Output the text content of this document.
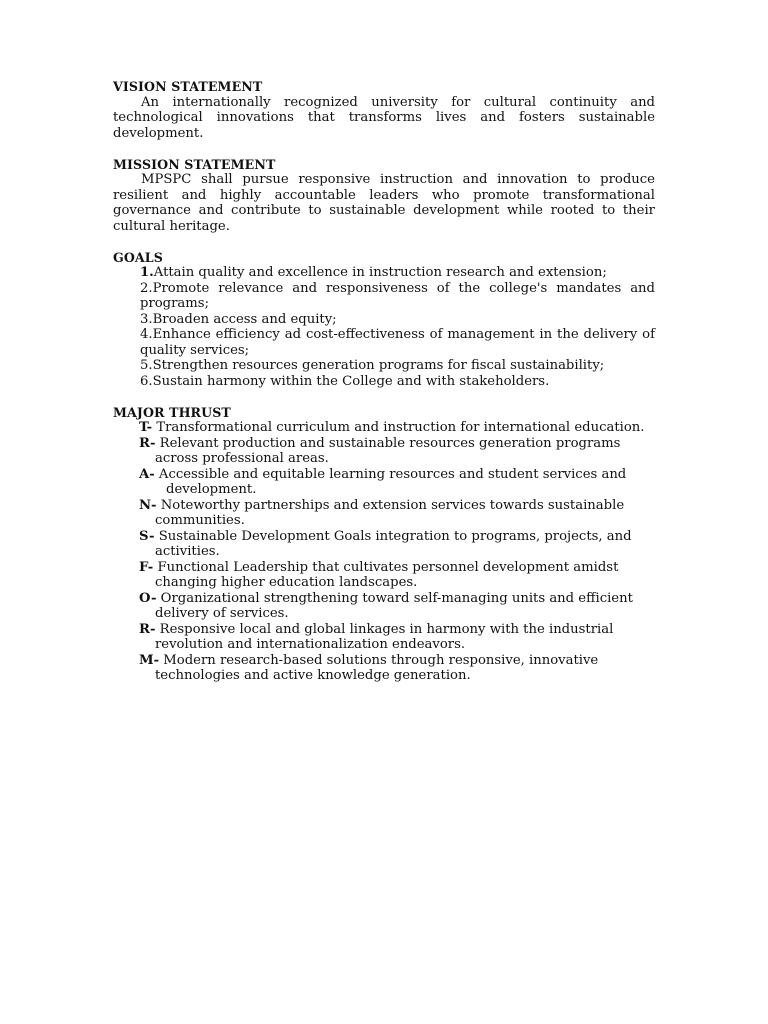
VISION STATEMENT

An internationally recognized university for cultural continuity and technological innovations that transforms lives and fosters sustainable development.

MISSION STATEMENT

MPSPC shall pursue responsive instruction and innovation to produce resilient and highly accountable leaders who promote transformational governance and contribute to sustainable development while rooted to their cultural heritage.

GOALS

1.Attain quality and excellence in instruction research and extension;

2.Promote relevance and responsiveness of the college's mandates and programs;

3.Broaden access and equity;

4.Enhance efficiency ad cost-effectiveness of management in the delivery of quality services;

5.Strengthen resources generation programs for fiscal sustainability;

6.Sustain harmony within the College and with stakeholders.

MAJOR THRUST

T- Transformational curriculum and instruction for international education.

R- Relevant production and sustainable resources generation programs across professional areas.

A- Accessible and equitable learning resources and student services and development.

N- Noteworthy partnerships and extension services towards sustainable communities.

S- Sustainable Development Goals integration to programs, projects, and activities.

F- Functional Leadership that cultivates personnel development amidst changing higher education landscapes.

O- Organizational strengthening toward self-managing units and efficient delivery of services.

R- Responsive local and global linkages in harmony with the industrial revolution and internationalization endeavors.

M- Modern research-based solutions through responsive, innovative technologies and active knowledge generation.
